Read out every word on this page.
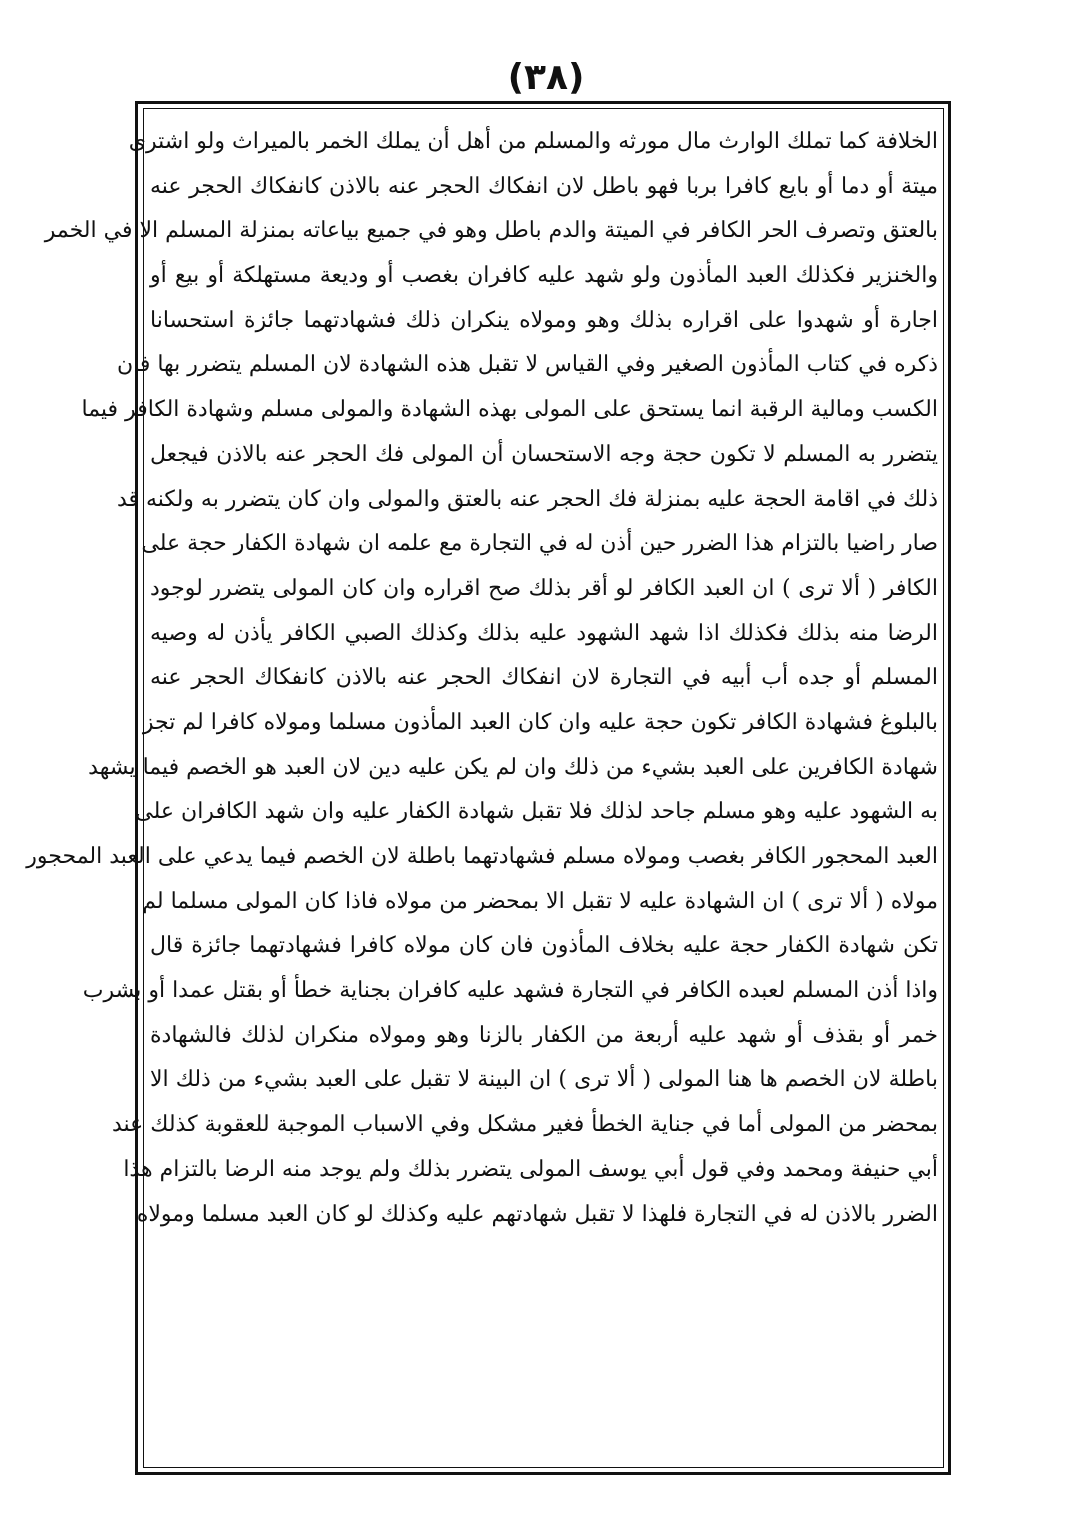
(٣٨)
الخلافة كما تملك الوارث مال مورثه والمسلم من أهل أن يملك الخمر بالميراث ولو اشترى
ميتة أو دما أو بايع كافرا بربا فهو باطل لان انفكاك الحجر عنه بالاذن كانفكاك الحجر عنه
بالعتق وتصرف الحر الكافر في الميتة والدم باطل وهو في جميع بياعاته بمنزلة المسلم الا في الخمر
والخنزير فكذلك العبد المأذون ولو شهد عليه كافران بغصب أو وديعة مستهلكة أو بيع أو
اجارة أو شهدوا على اقراره بذلك وهو ومولاه ينكران ذلك فشهادتهما جائزة استحسانا
ذكره في كتاب المأذون الصغير وفي القياس لا تقبل هذه الشهادة لان المسلم يتضرر بها فان
الكسب ومالية الرقبة انما يستحق على المولى بهذه الشهادة والمولى مسلم وشهادة الكافر فيما
يتضرر به المسلم لا تكون حجة وجه الاستحسان أن المولى فك الحجر عنه بالاذن فيجعل
ذلك في اقامة الحجة عليه بمنزلة فك الحجر عنه بالعتق والمولى وان كان يتضرر به ولكنه قد
صار راضيا بالتزام هذا الضرر حين أذن له في التجارة مع علمه ان شهادة الكفار حجة على
الكافر ( ألا ترى ) ان العبد الكافر لو أقر بذلك صح اقراره وان كان المولى يتضرر لوجود
الرضا منه بذلك فكذلك اذا شهد الشهود عليه بذلك وكذلك الصبي الكافر يأذن له وصيه
المسلم أو جده أب أبيه في التجارة لان انفكاك الحجر عنه بالاذن كانفكاك الحجر عنه
بالبلوغ فشهادة الكافر تكون حجة عليه وان كان العبد المأذون مسلما ومولاه كافرا لم تجز
شهادة الكافرين على العبد بشيء من ذلك وان لم يكن عليه دين لان العبد هو الخصم فيما يشهد
به الشهود عليه وهو مسلم جاحد لذلك فلا تقبل شهادة الكفار عليه وان شهد الكافران على
العبد المحجور الكافر بغصب ومولاه مسلم فشهادتهما باطلة لان الخصم فيما يدعي على العبد المحجور
مولاه ( ألا ترى ) ان الشهادة عليه لا تقبل الا بمحضر من مولاه فاذا كان المولى مسلما لم
تكن شهادة الكفار حجة عليه بخلاف المأذون فان كان مولاه كافرا فشهادتهما جائزة قال
واذا أذن المسلم لعبده الكافر في التجارة فشهد عليه كافران بجناية خطأ أو بقتل عمدا أو بشرب
خمر أو بقذف أو شهد عليه أربعة من الكفار بالزنا وهو ومولاه منكران لذلك فالشهادة
باطلة لان الخصم ها هنا المولى ( ألا ترى ) ان البينة لا تقبل على العبد بشيء من ذلك الا
بمحضر من المولى أما في جناية الخطأ فغير مشكل وفي الاسباب الموجبة للعقوبة كذلك عند
أبي حنيفة ومحمد وفي قول أبي يوسف المولى يتضرر بذلك ولم يوجد منه الرضا بالتزام هذا
الضرر بالاذن له في التجارة فلهذا لا تقبل شهادتهم عليه وكذلك لو كان العبد مسلما ومولاه
